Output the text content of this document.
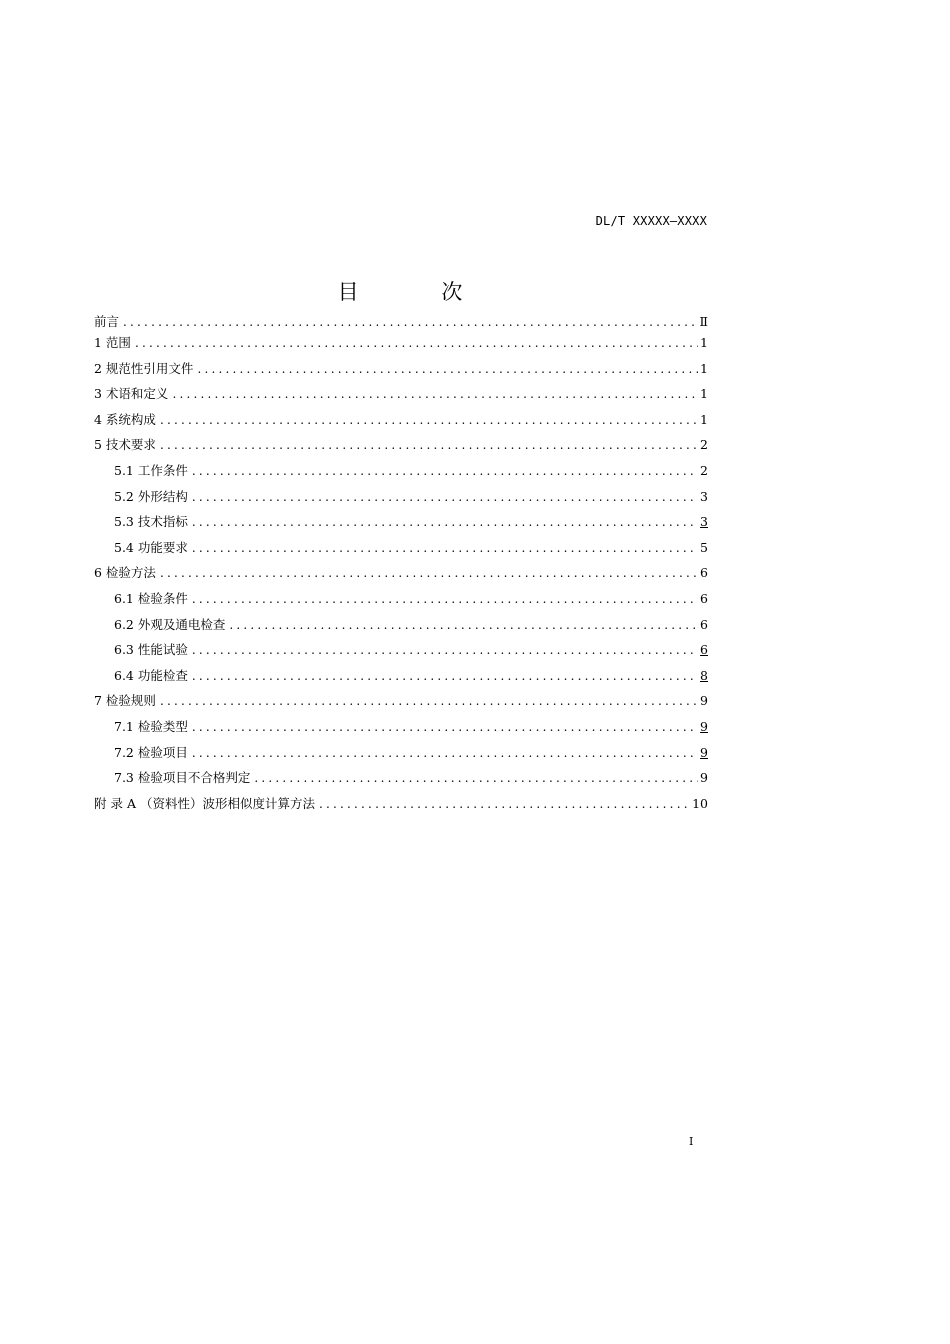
DL/T XXXXX—XXXX
目 次
前言 .....	Ⅱ
1 范围 .....	1
2 规范性引用文件 .....	1
3 术语和定义 .....	1
4 系统构成 .....	1
5 技术要求 .....	2
5.1 工作条件 .....	2
5.2 外形结构 .....	3
5.3 技术指标 .....	3
5.4 功能要求 .....	5
6 检验方法 .....	6
6.1 检验条件 .....	6
6.2 外观及通电检查 .....	6
6.3 性能试验 .....	6
6.4 功能检查 .....	8
7 检验规则 .....	9
7.1 检验类型 .....	9
7.2 检验项目 .....	9
7.3 检验项目不合格判定 .....	9
附 录 A （资料性）波形相似度计算方法 .....	10
I
